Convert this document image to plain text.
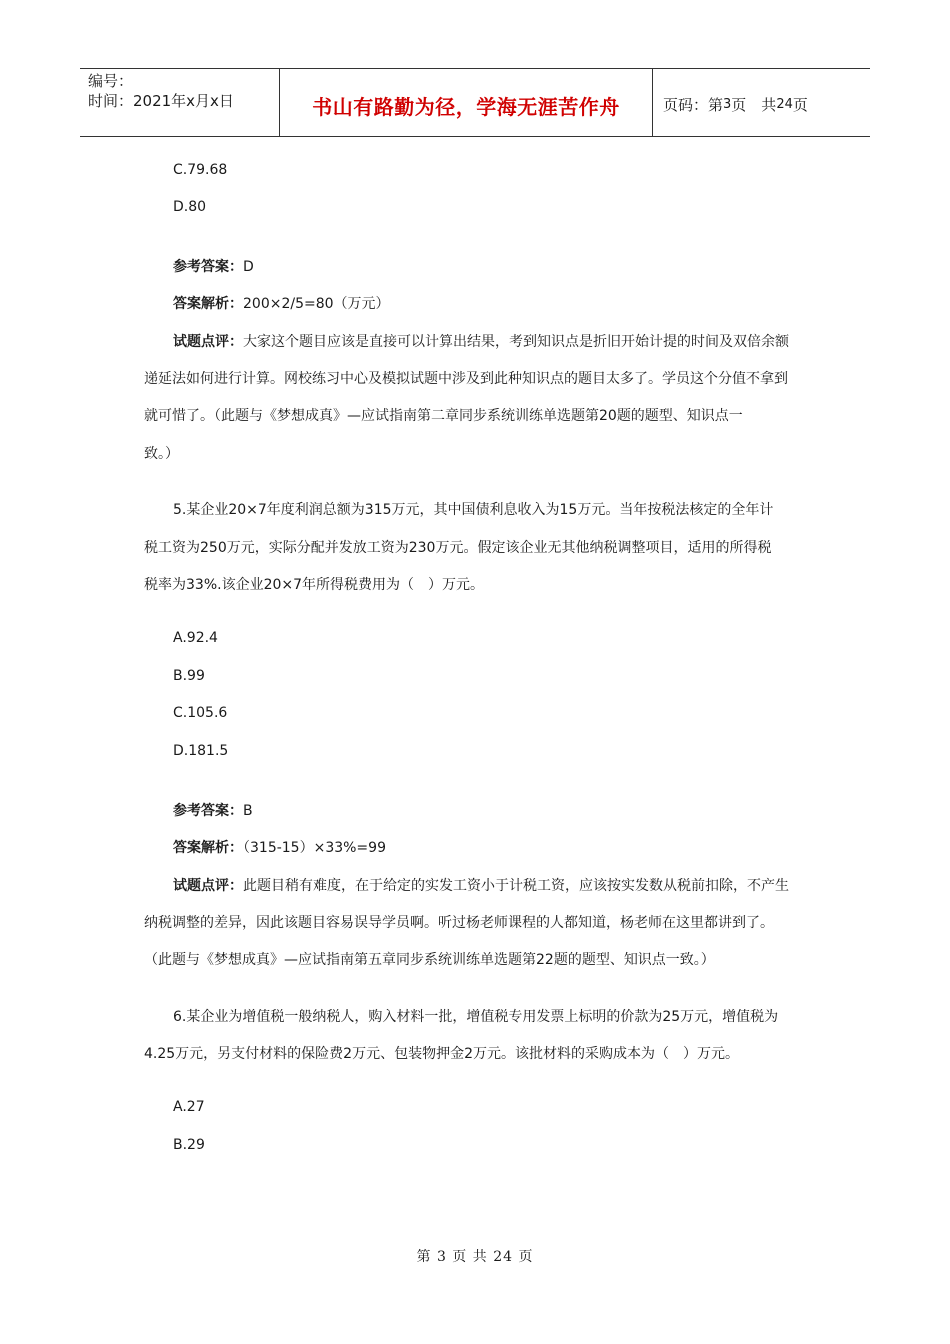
编号：
时间：2021年x月x日	书山有路勤为径，学海无涯苦作舟	页码：第 3 页　共 24 页
C.79.68
D.80
参考答案：D
答案解析：200×2/5=80（万元）
试题点评：大家这个题目应该是直接可以计算出结果，考到知识点是折旧开始计提的时间及双倍余额
递延法如何进行计算。网校练习中心及模拟试题中涉及到此种知识点的题目太多了。学员这个分值不拿到
就可惜了。（此题与《梦想成真》—应试指南第二章同步系统训练单选题第20题的题型、知识点一
致。）
5.某企业20×7年度利润总额为315万元，其中国债利息收入为15万元。当年按税法核定的全年计
税工资为250万元，实际分配并发放工资为230万元。假定该企业无其他纳税调整项目，适用的所得税
税率为33%.该企业20×7年所得税费用为（　）万元。
A.92.4
B.99
C.105.6
D.181.5
参考答案：B
答案解析：（315-15）×33%=99
试题点评：此题目稍有难度，在于给定的实发工资小于计税工资，应该按实发数从税前扣除，不产生
纳税调整的差异，因此该题目容易误导学员啊。听过杨老师课程的人都知道，杨老师在这里都讲到了。
（此题与《梦想成真》—应试指南第五章同步系统训练单选题第22题的题型、知识点一致。）
6.某企业为增值税一般纳税人，购入材料一批，增值税专用发票上标明的价款为25万元，增值税为
4.25万元，另支付材料的保险费2万元、包装物押金2万元。该批材料的采购成本为（　）万元。
A.27
B.29
第 3 页 共 24 页
